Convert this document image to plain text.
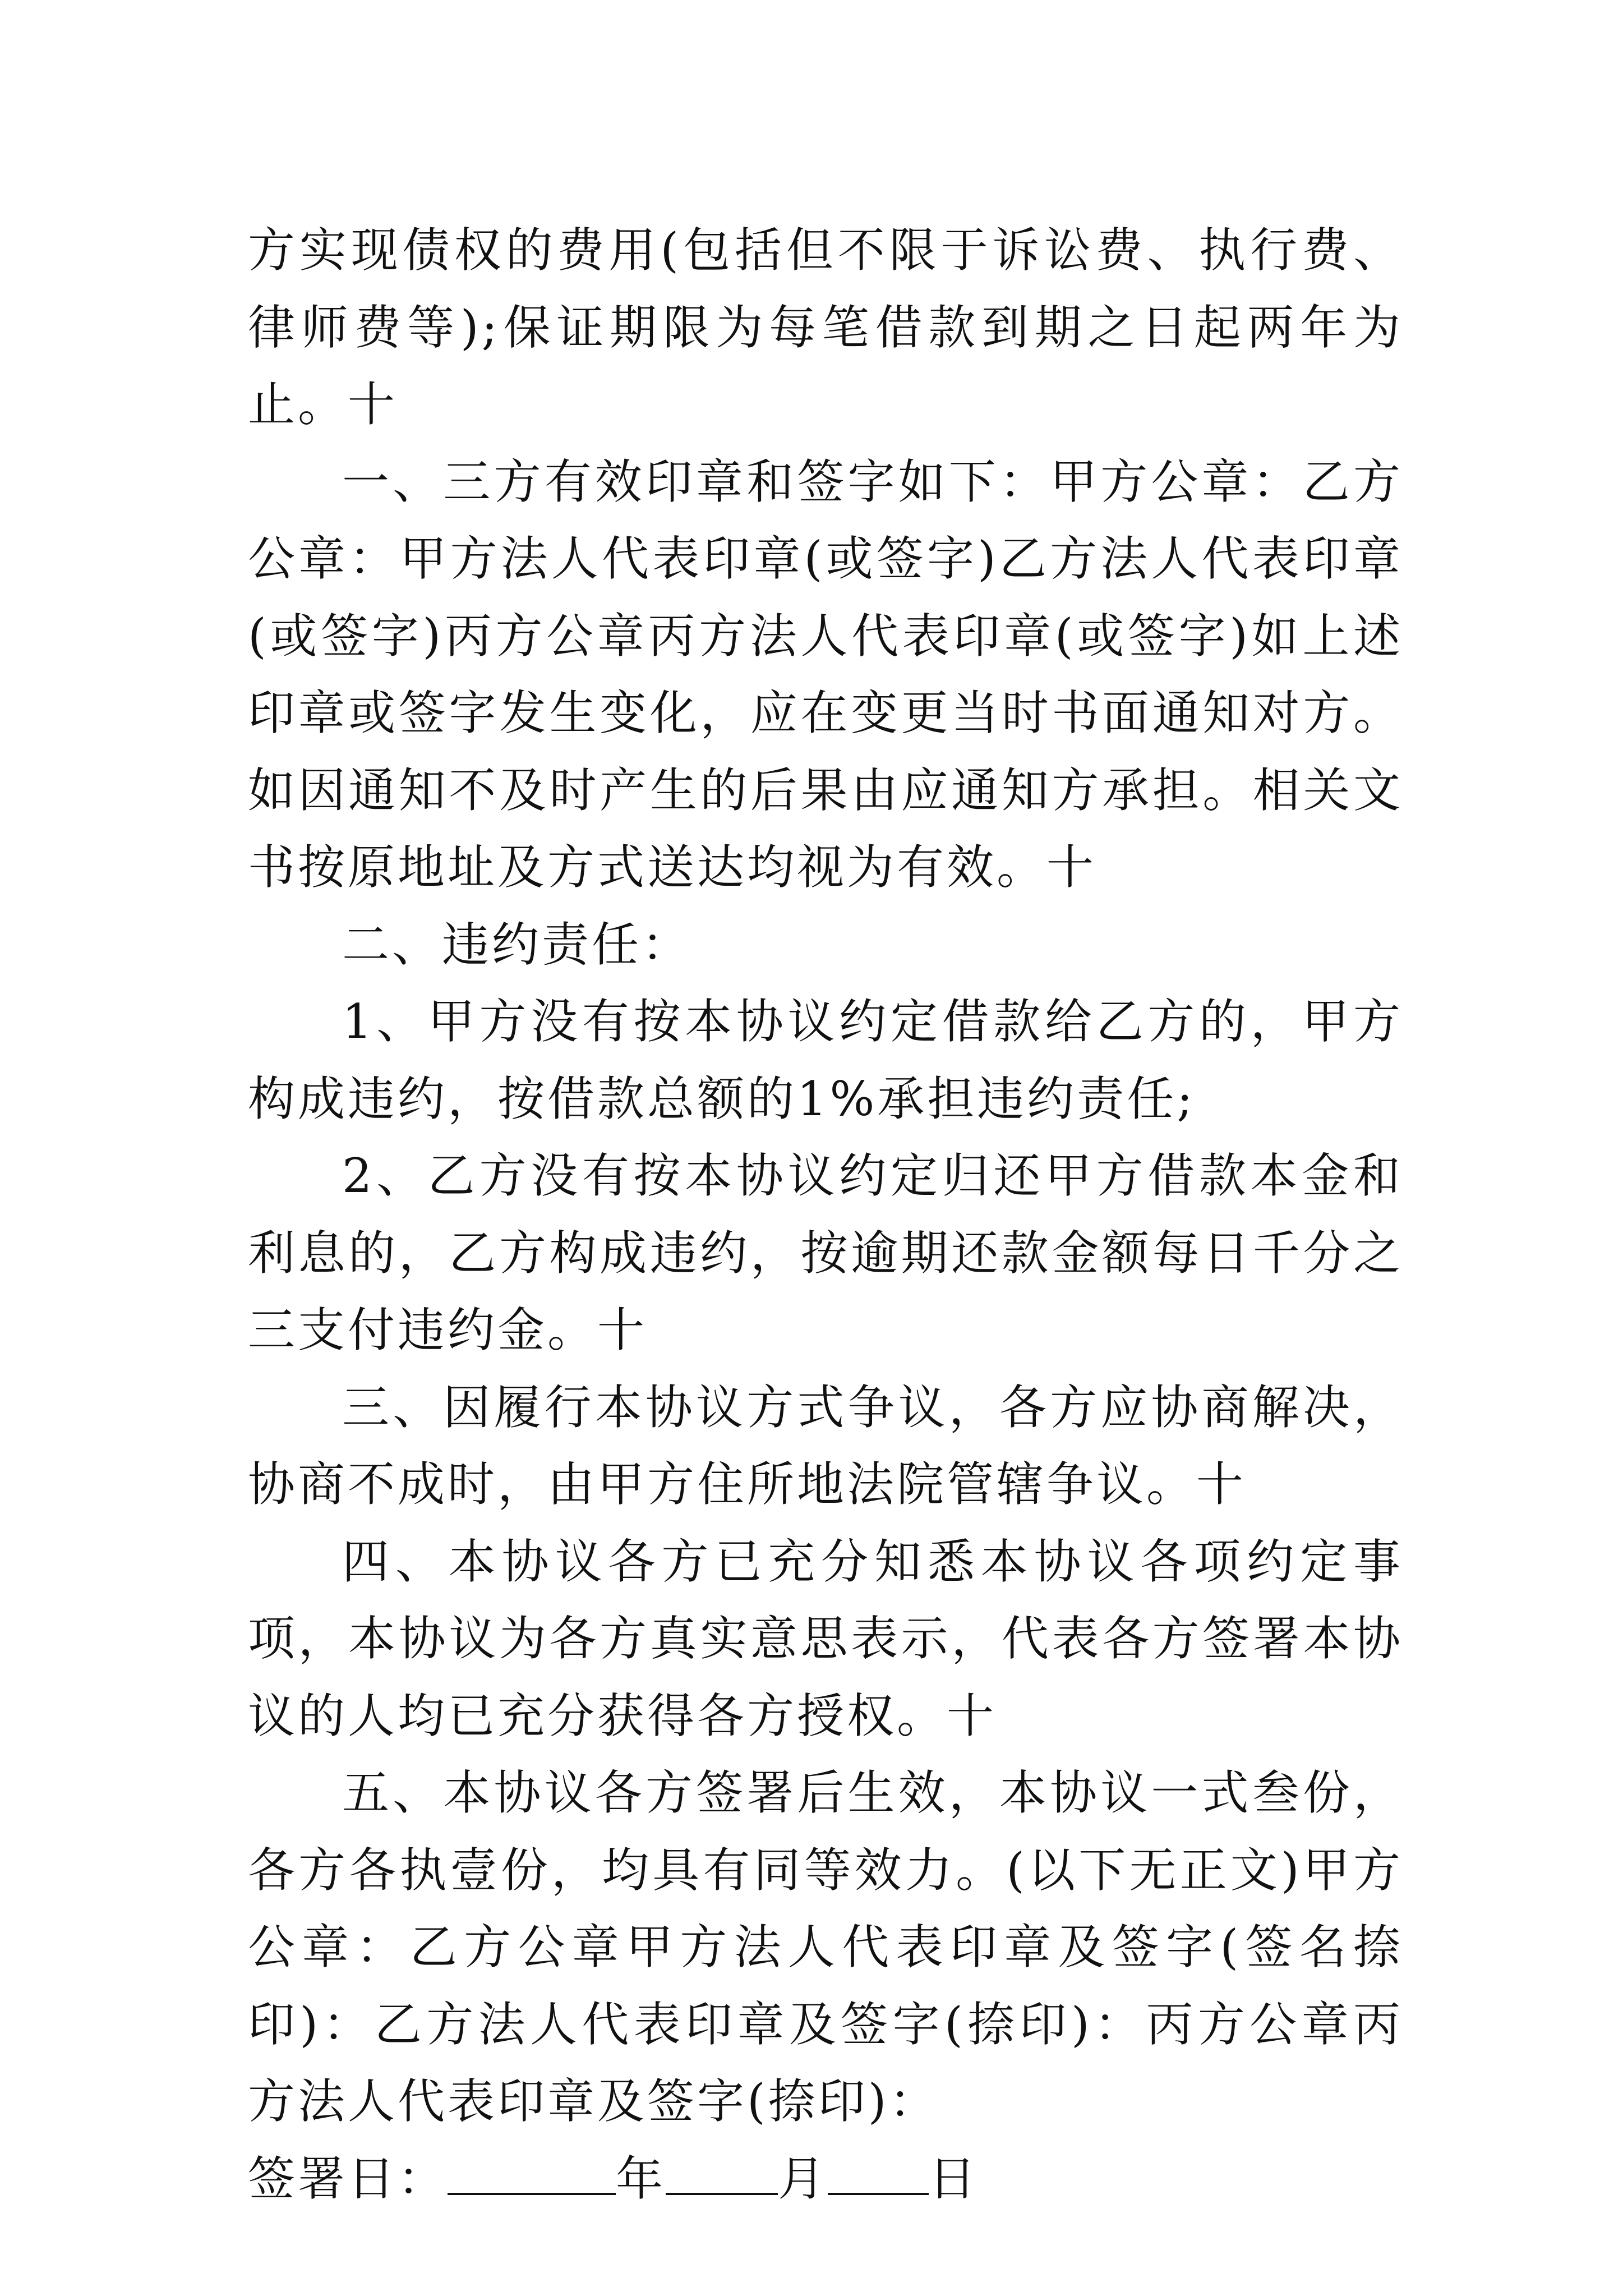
方实现债权的费用(包括但不限于诉讼费、执行费、律师费等);保证期限为每笔借款到期之日起两年为止。十

一、三方有效印章和签字如下：甲方公章：乙方公章：甲方法人代表印章(或签字)乙方法人代表印章(或签字)丙方公章丙方法人代表印章(或签字)如上述印章或签字发生变化，应在变更当时书面通知对方。如因通知不及时产生的后果由应通知方承担。相关文书按原地址及方式送达均视为有效。十

二、违约责任：

1、甲方没有按本协议约定借款给乙方的，甲方构成违约，按借款总额的1%承担违约责任;

2、乙方没有按本协议约定归还甲方借款本金和利息的，乙方构成违约，按逾期还款金额每日千分之三支付违约金。十

三、因履行本协议方式争议，各方应协商解决，协商不成时，由甲方住所地法院管辖争议。十

四、本协议各方已充分知悉本协议各项约定事项，本协议为各方真实意思表示，代表各方签署本协议的人均已充分获得各方授权。十

五、本协议各方签署后生效，本协议一式叁份，各方各执壹份，均具有同等效力。(以下无正文)甲方公章：乙方公章甲方法人代表印章及签字(签名捺印)：乙方法人代表印章及签字(捺印)：丙方公章丙方法人代表印章及签字(捺印)：

签署日：	年 月 日
